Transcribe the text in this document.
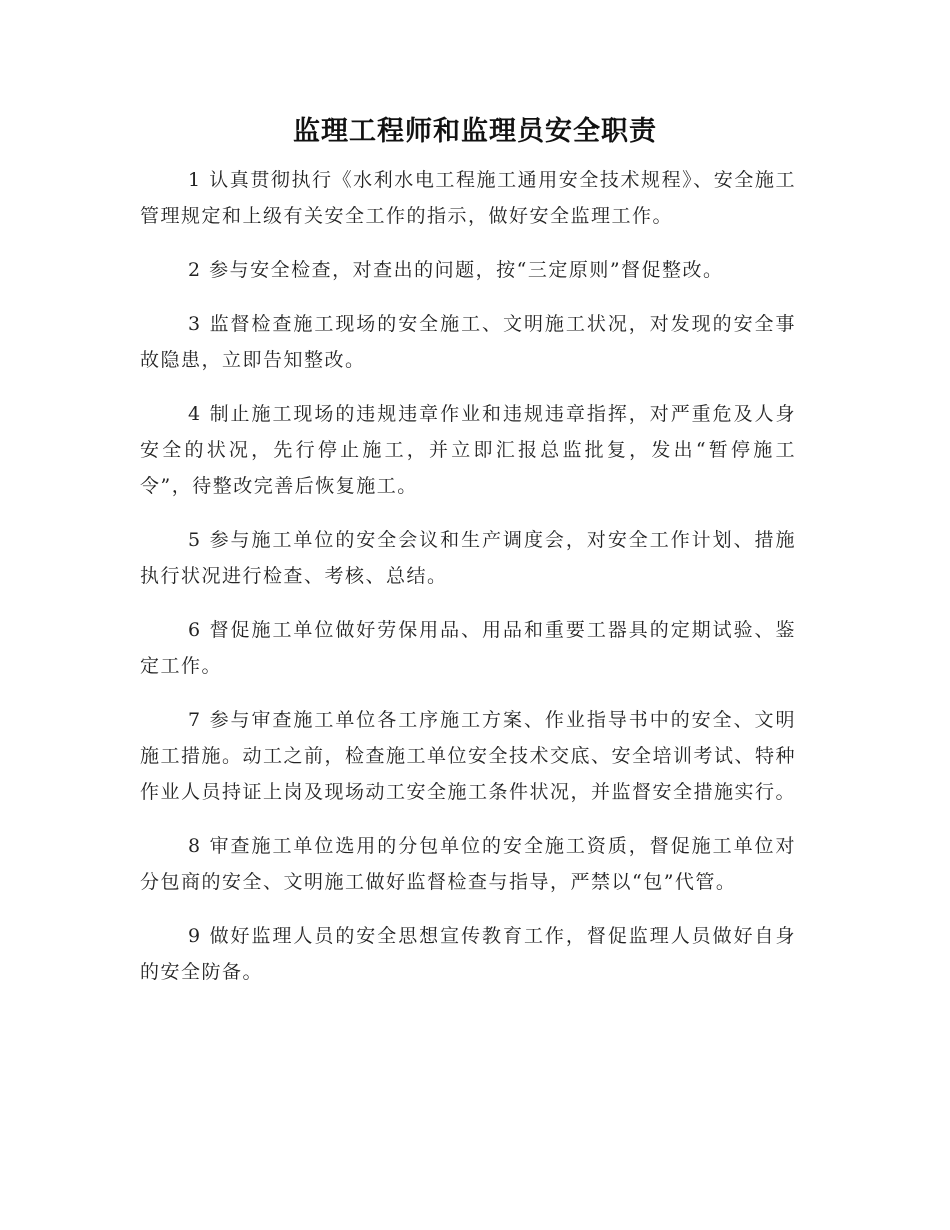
监理工程师和监理员安全职责

1 认真贯彻执行《水利水电工程施工通用安全技术规程》、安全施工管理规定和上级有关安全工作的指示，做好安全监理工作。

2 参与安全检查，对查出的问题，按“三定原则”督促整改。

3 监督检查施工现场的安全施工、文明施工状况，对发现的安全事故隐患，立即告知整改。

4 制止施工现场的违规违章作业和违规违章指挥，对严重危及人身安全的状况，先行停止施工，并立即汇报总监批复，发出“暂停施工令”，待整改完善后恢复施工。

5 参与施工单位的安全会议和生产调度会，对安全工作计划、措施执行状况进行检查、考核、总结。

6 督促施工单位做好劳保用品、用品和重要工器具的定期试验、鉴定工作。

7 参与审查施工单位各工序施工方案、作业指导书中的安全、文明施工措施。动工之前，检查施工单位安全技术交底、安全培训考试、特种作业人员持证上岗及现场动工安全施工条件状况，并监督安全措施实行。

8 审查施工单位选用的分包单位的安全施工资质，督促施工单位对分包商的安全、文明施工做好监督检查与指导，严禁以“包”代管。

9 做好监理人员的安全思想宣传教育工作，督促监理人员做好自身的安全防备。
